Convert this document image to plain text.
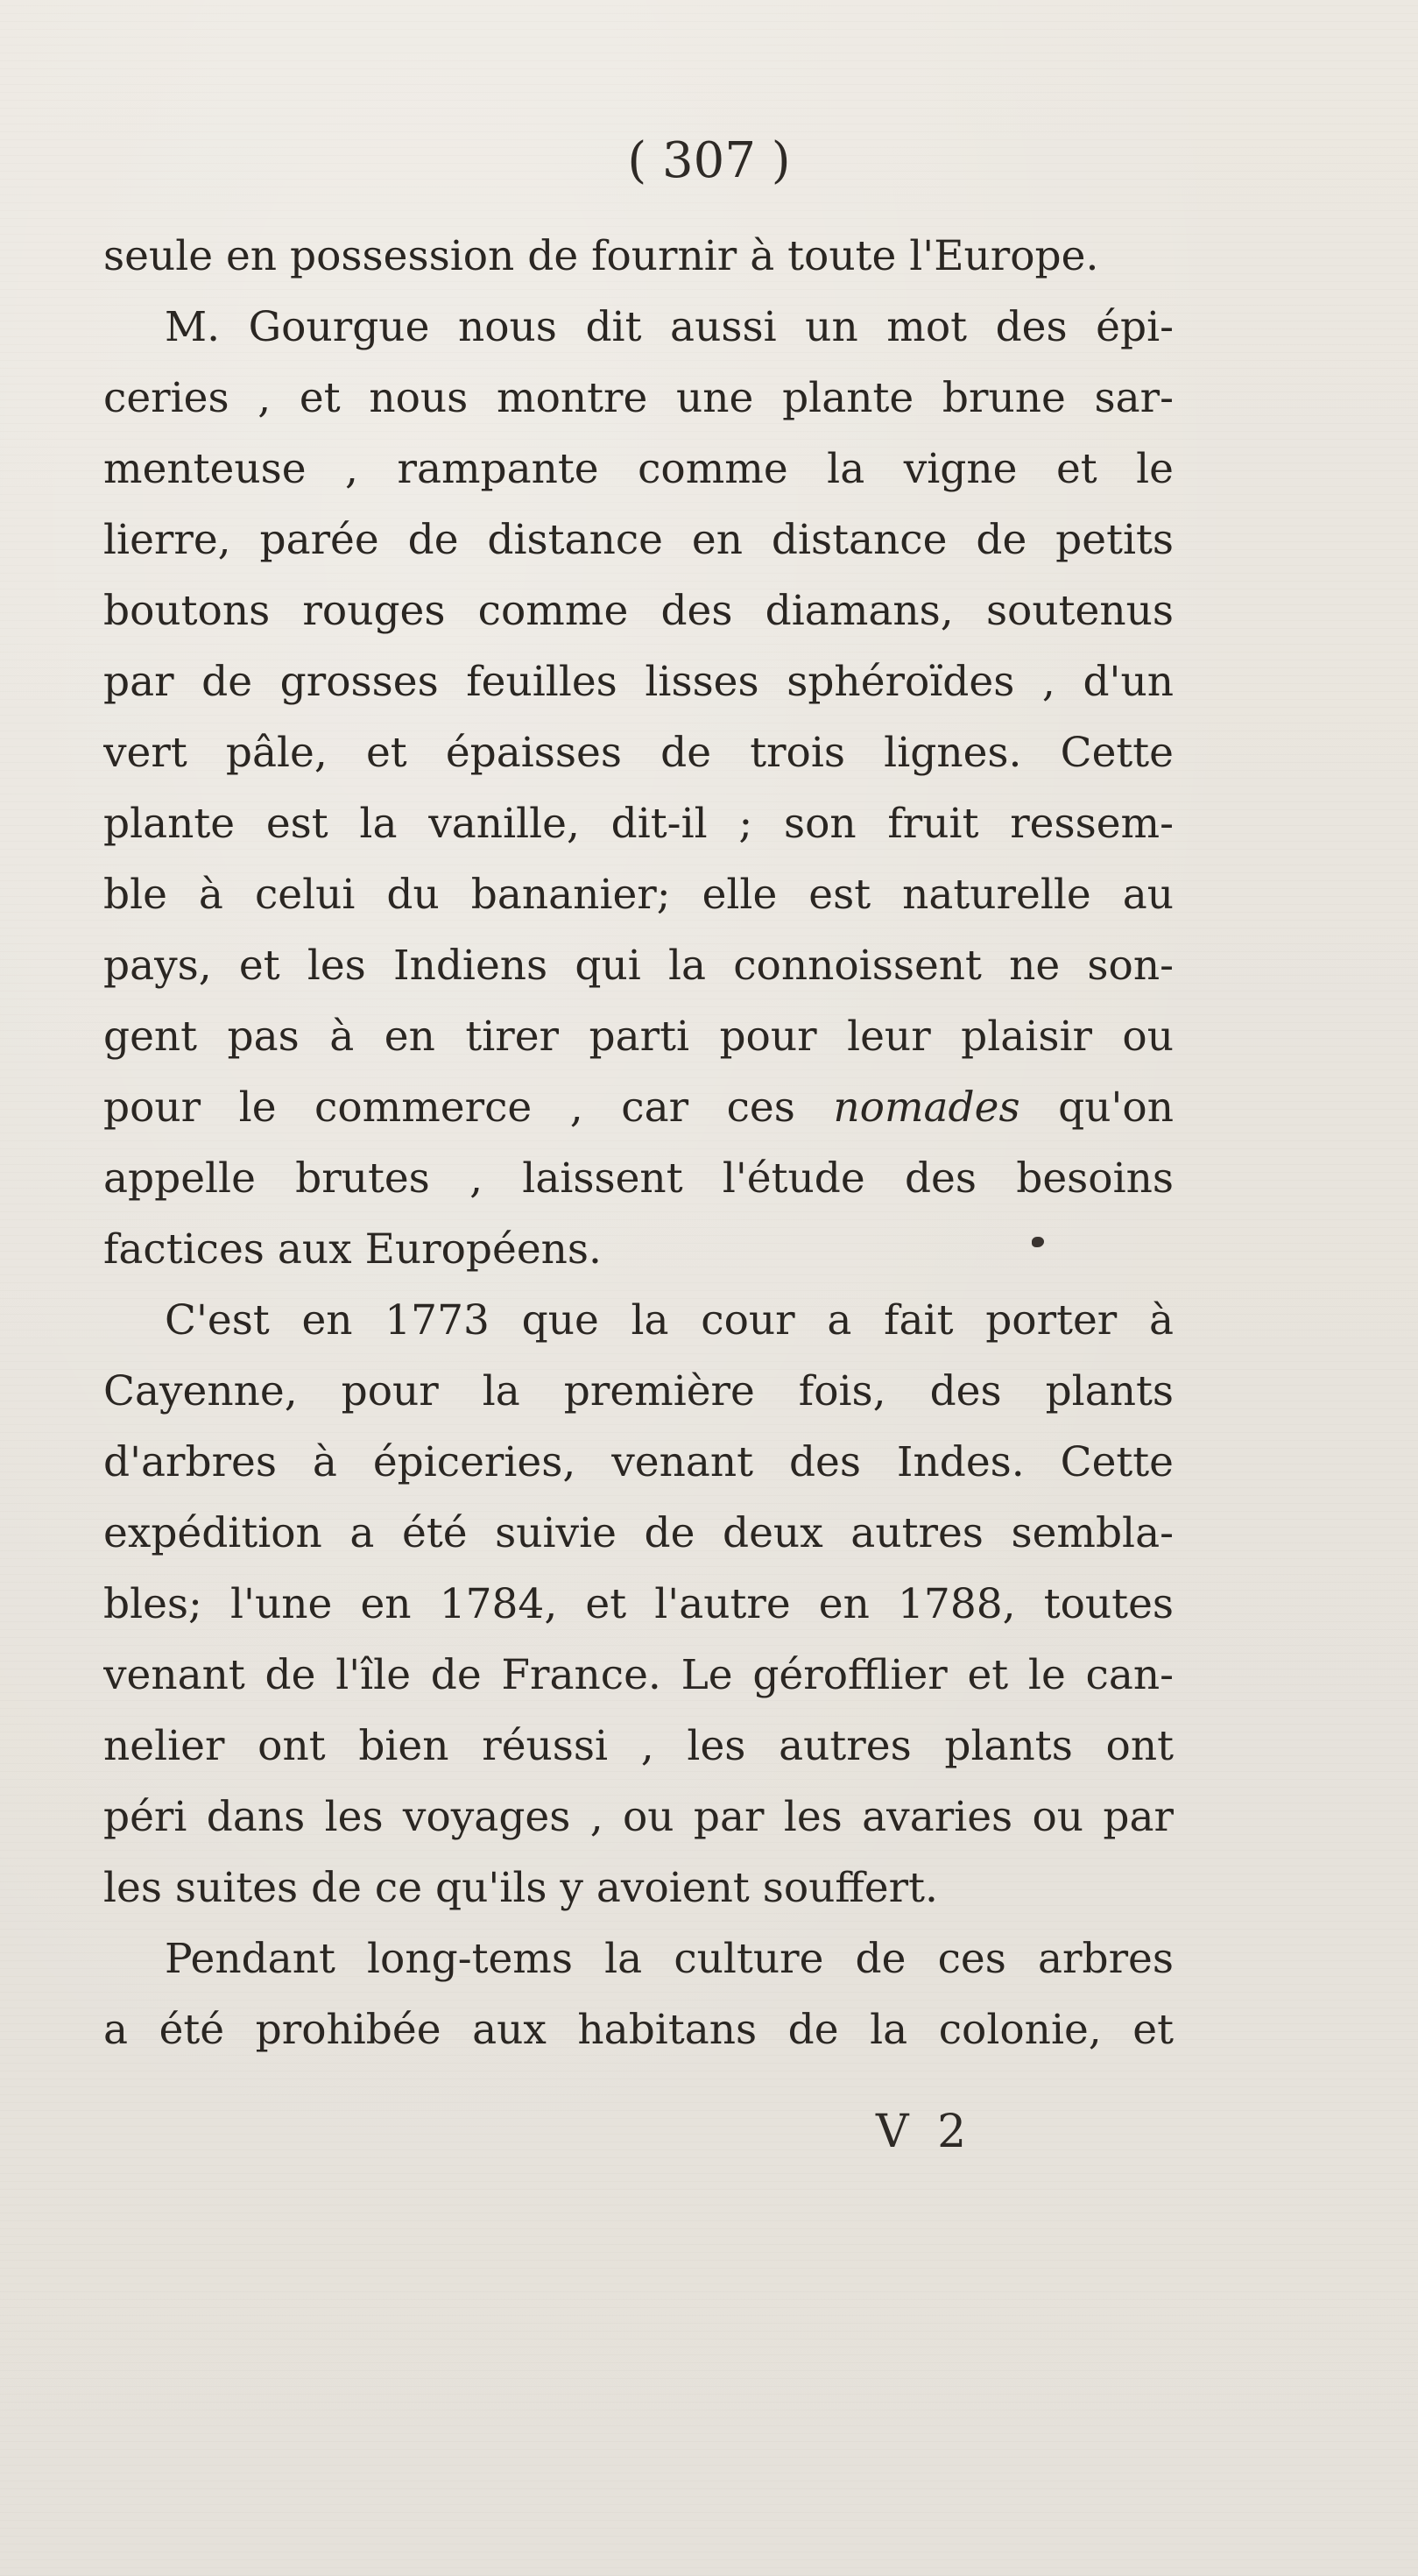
( 307 )
seule en possession de fournir à toute l'Europe.
M. Gourgue nous dit aussi un mot des épi-
ceries , et nous montre une plante brune sar-
menteuse , rampante comme la vigne et le
lierre, parée de distance en distance de petits
boutons rouges comme des diamans, soutenus
par de grosses feuilles lisses sphéroïdes , d'un
vert pâle, et épaisses de trois lignes. Cette
plante est la vanille, dit-il ; son fruit ressem-
ble à celui du bananier; elle est naturelle au
pays, et les Indiens qui la connoissent ne son-
gent pas à en tirer parti pour leur plaisir ou
pour le commerce , car ces nomades qu'on
appelle brutes , laissent l'étude des besoins
factices aux Européens.
C'est en 1773 que la cour a fait porter à
Cayenne, pour la première fois, des plants
d'arbres à épiceries, venant des Indes. Cette
expédition a été suivie de deux autres sembla-
bles; l'une en 1784, et l'autre en 1788, toutes
venant de l'île de France. Le gérofflier et le can-
nelier ont bien réussi , les autres plants ont
péri dans les voyages , ou par les avaries ou par
les suites de ce qu'ils y avoient souffert.
Pendant long-tems la culture de ces arbres
a été prohibée aux habitans de la colonie, et
V 2
